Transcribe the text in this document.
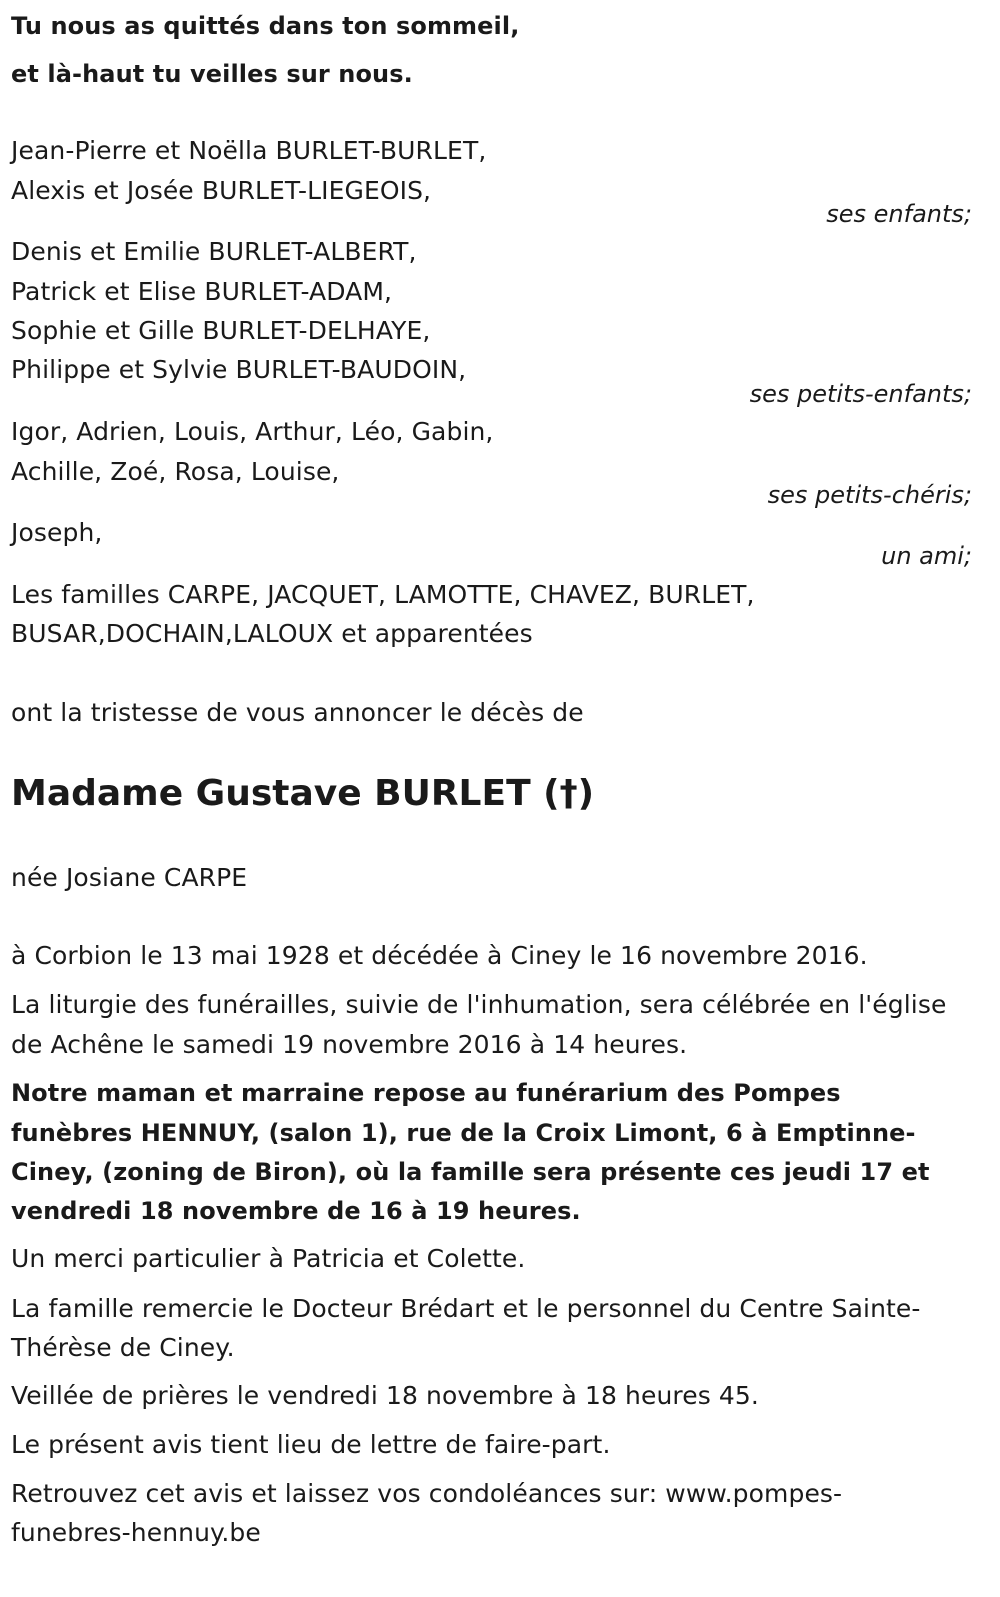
Tu nous as quittés dans ton sommeil,
et là-haut tu veilles sur nous.
Jean-Pierre et Noëlla BURLET-BURLET,
Alexis et Josée BURLET-LIEGEOIS,
ses enfants;
Denis et Emilie BURLET-ALBERT,
Patrick et Elise BURLET-ADAM,
Sophie et Gille BURLET-DELHAYE,
Philippe et Sylvie BURLET-BAUDOIN,
ses petits-enfants;
Igor, Adrien, Louis, Arthur, Léo, Gabin,
Achille, Zoé, Rosa, Louise,
ses petits-chéris;
Joseph,
un ami;
Les familles CARPE, JACQUET, LAMOTTE, CHAVEZ, BURLET,
BUSAR,DOCHAIN,LALOUX et apparentées
ont la tristesse de vous annoncer le décès de
Madame Gustave BURLET (†)
née Josiane CARPE
à Corbion le 13 mai 1928 et décédée à Ciney le 16 novembre 2016.
La liturgie des funérailles, suivie de l'inhumation, sera célébrée en l'église
de Achêne le samedi 19 novembre 2016 à 14 heures.
Notre maman et marraine repose au funérarium des Pompes
funèbres HENNUY, (salon 1), rue de la Croix Limont, 6 à Emptinne-
Ciney, (zoning de Biron), où la famille sera présente ces jeudi 17 et
vendredi 18 novembre de 16 à 19 heures.
Un merci particulier à Patricia et Colette.
La famille remercie le Docteur Brédart et le personnel du Centre Sainte-
Thérèse de Ciney.
Veillée de prières le vendredi 18 novembre à 18 heures 45.
Le présent avis tient lieu de lettre de faire-part.
Retrouvez cet avis et laissez vos condoléances sur: www.pompes-
funebres-hennuy.be
